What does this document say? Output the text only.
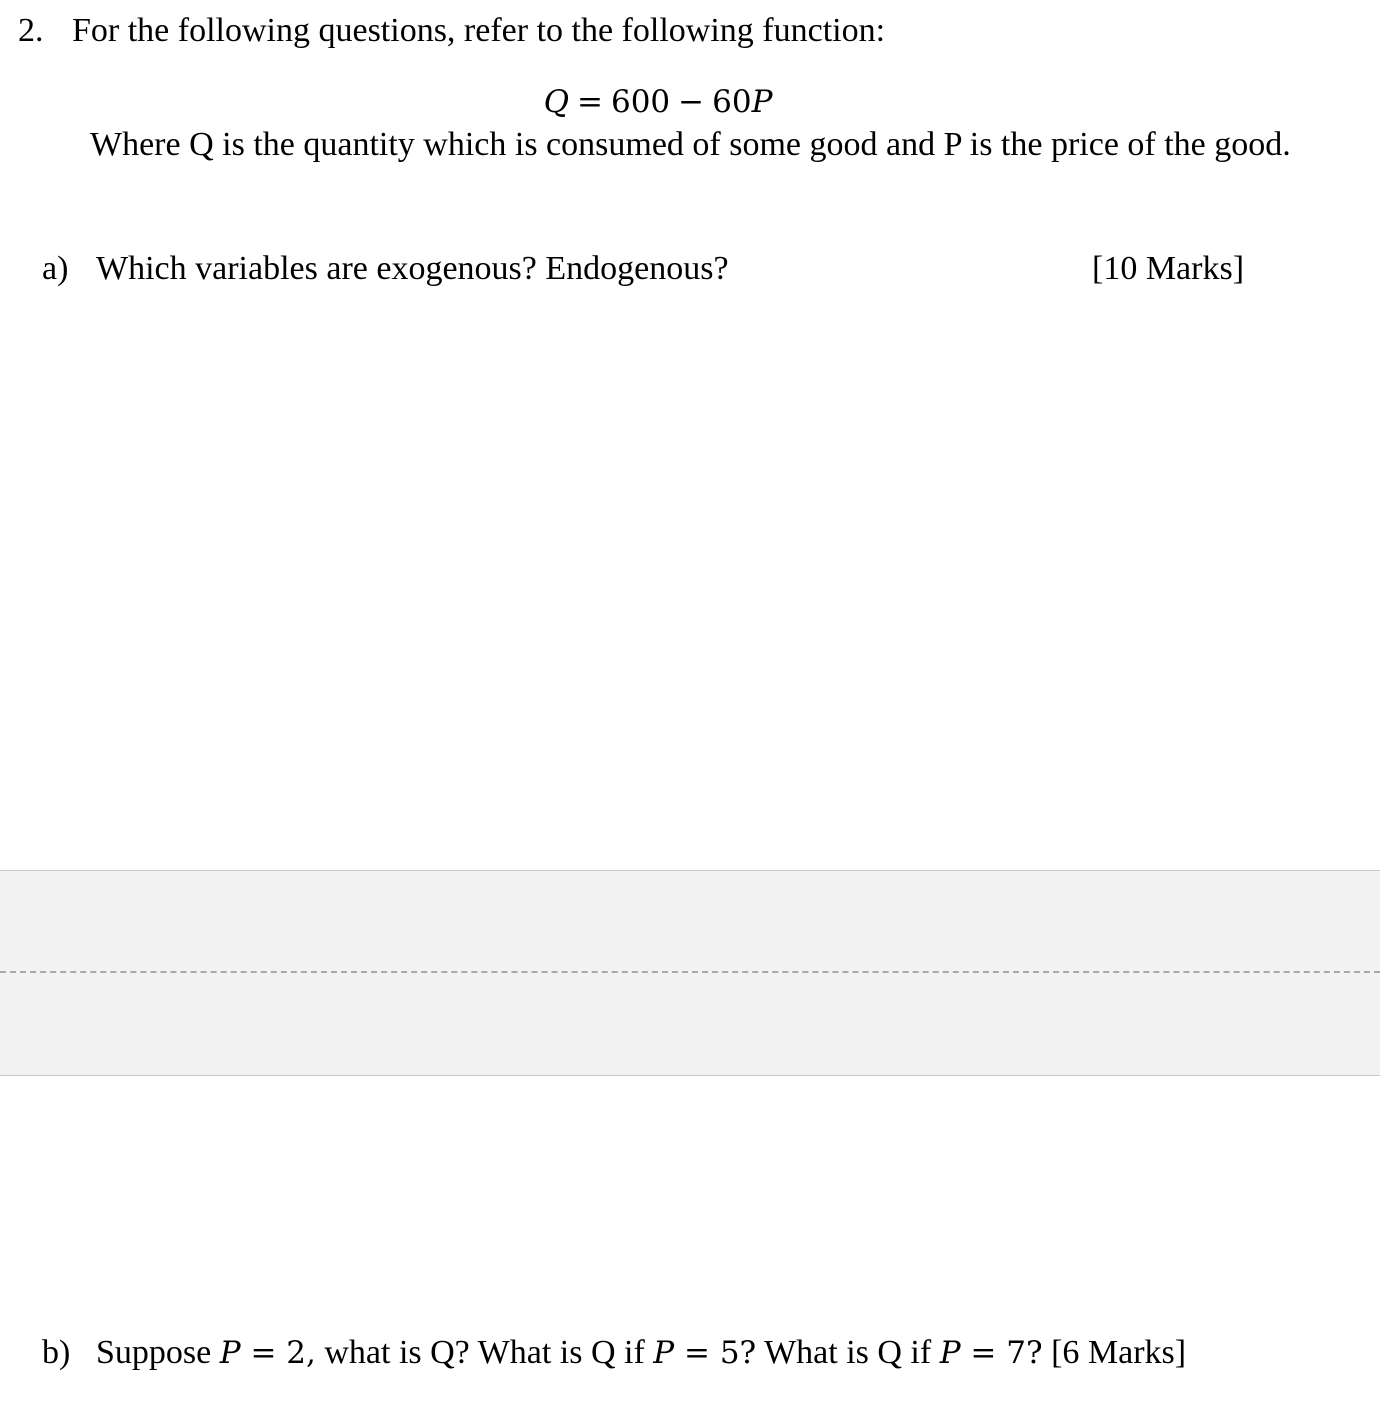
2. For the following questions, refer to the following function:
Q = 600 − 60P
Where Q is the quantity which is consumed of some good and P is the price of the good.
a) Which variables are exogenous? Endogenous?	[10 Marks]
b) Suppose P = 2, what is Q? What is Q if P = 5? What is Q if P = 7? [6 Marks]
